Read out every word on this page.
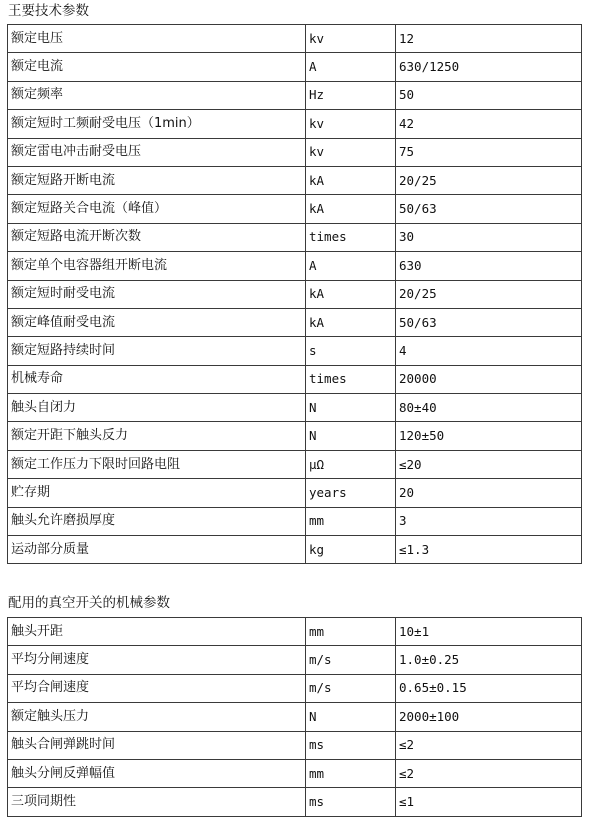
王要技术参数
额定电压	kv	12
额定电流	A	630/1250
额定频率	Hz	50
额定短时工频耐受电压（1min）	kv	42
额定雷电冲击耐受电压	kv	75
额定短路开断电流	kA	20/25
额定短路关合电流（峰值）	kA	50/63
额定短路电流开断次数	times	30
额定单个电容器组开断电流	A	630
额定短时耐受电流	kA	20/25
额定峰值耐受电流	kA	50/63
额定短路持续时间	s	4
机械寿命	times	20000
触头自闭力	N	80±40
额定开距下触头反力	N	120±50
额定工作压力下限时回路电阻	μΩ	≤20
贮存期	years	20
触头允许磨损厚度	mm	3
运动部分质量	kg	≤1.3
配用的真空开关的机械参数
触头开距	mm	10±1
平均分闸速度	m/s	1.0±0.25
平均合闸速度	m/s	0.65±0.15
额定触头压力	N	2000±100
触头合闸弹跳时间	ms	≤2
触头分闸反弹幅值	mm	≤2
三项同期性	ms	≤1
